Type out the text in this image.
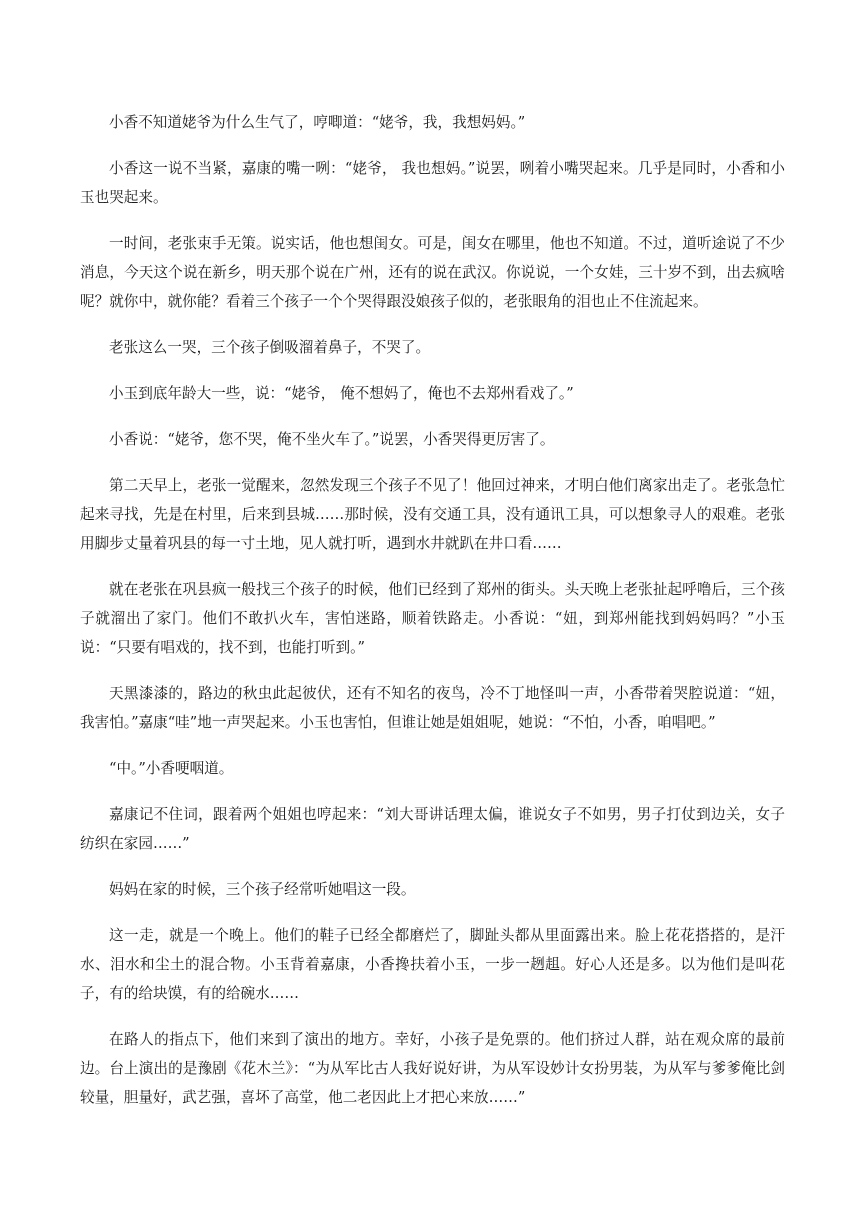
小香不知道姥爷为什么生气了，哼唧道：“姥爷，我，我想妈妈。”

小香这一说不当紧，嘉康的嘴一咧：“姥爷， 我也想妈。”说罢，咧着小嘴哭起来。几乎是同时，小香和小玉也哭起来。

一时间，老张束手无策。说实话，他也想闺女。可是，闺女在哪里，他也不知道。不过，道听途说了不少消息，今天这个说在新乡，明天那个说在广州，还有的说在武汉。你说说，一个女娃，三十岁不到，出去疯啥呢？就你中，就你能？看着三个孩子一个个哭得跟没娘孩子似的，老张眼角的泪也止不住流起来。

老张这么一哭，三个孩子倒吸溜着鼻子，不哭了。

小玉到底年龄大一些，说：“姥爷， 俺不想妈了，俺也不去郑州看戏了。”

小香说：“姥爷，您不哭，俺不坐火车了。”说罢，小香哭得更厉害了。

第二天早上，老张一觉醒来，忽然发现三个孩子不见了！他回过神来，才明白他们离家出走了。老张急忙起来寻找，先是在村里，后来到县城……那时候，没有交通工具，没有通讯工具，可以想象寻人的艰难。老张用脚步丈量着巩县的每一寸土地，见人就打听，遇到水井就趴在井口看……

就在老张在巩县疯一般找三个孩子的时候，他们已经到了郑州的街头。头天晚上老张扯起呼噜后，三个孩子就溜出了家门。他们不敢扒火车，害怕迷路，顺着铁路走。小香说：“妞，到郑州能找到妈妈吗？”小玉说：“只要有唱戏的，找不到，也能打听到。”

天黑漆漆的，路边的秋虫此起彼伏，还有不知名的夜鸟，冷不丁地怪叫一声，小香带着哭腔说道：“妞，我害怕。”嘉康“哇”地一声哭起来。小玉也害怕，但谁让她是姐姐呢，她说：“不怕，小香，咱唱吧。”

“中。”小香哽咽道。

嘉康记不住词，跟着两个姐姐也哼起来：“刘大哥讲话理太偏，谁说女子不如男，男子打仗到边关，女子纺织在家园……”

妈妈在家的时候，三个孩子经常听她唱这一段。

这一走，就是一个晚上。他们的鞋子已经全都磨烂了，脚趾头都从里面露出来。脸上花花搭搭的，是汗水、泪水和尘土的混合物。小玉背着嘉康，小香搀扶着小玉，一步一趔趄。好心人还是多。以为他们是叫花子，有的给块馍，有的给碗水……

在路人的指点下，他们来到了演出的地方。幸好，小孩子是免票的。他们挤过人群，站在观众席的最前边。台上演出的是豫剧《花木兰》：“为从军比古人我好说好讲，为从军设妙计女扮男装，为从军与爹爹俺比剑较量，胆量好，武艺强，喜坏了高堂，他二老因此上才把心来放……”
